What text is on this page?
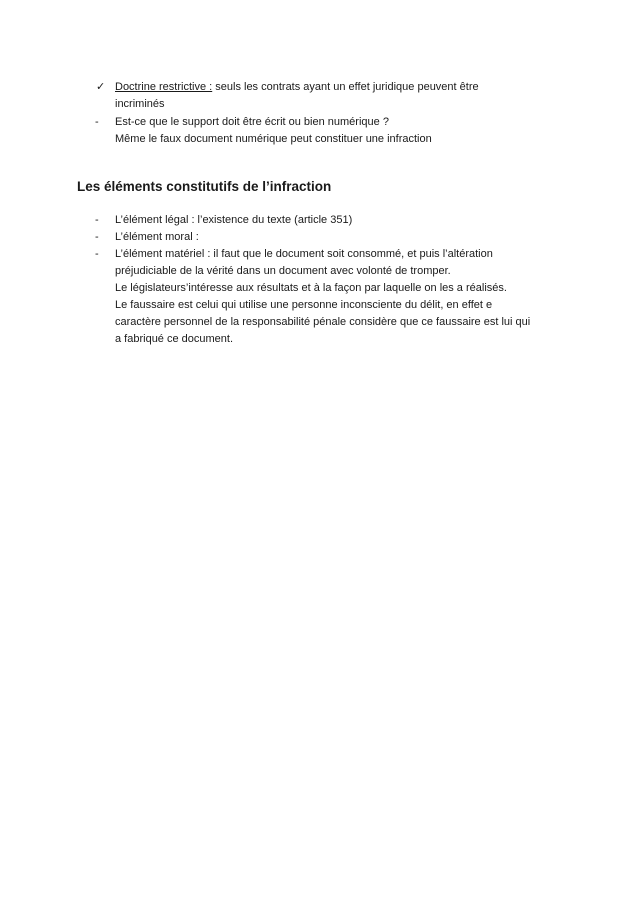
✓ Doctrine restrictive : seuls les contrats ayant un effet juridique peuvent être
incriminés
- Est-ce que le support doit être écrit ou bien numérique ?
Même le faux document numérique peut constituer une infraction
Les éléments constitutifs de l’infraction
- L’élément légal : l’existence du texte (article 351)
- L’élément moral :
- L’élément matériel : il faut que le document soit consommé, et puis l’altération
préjudiciable de la vérité dans un document avec volonté de tromper.
Le législateurs’intéresse aux résultats et à la façon par laquelle on les a réalisés.
Le faussaire est celui qui utilise une personne inconsciente du délit, en effet e
caractère personnel de la responsabilité pénale considère que ce faussaire est lui qui
a fabriqué ce document.
